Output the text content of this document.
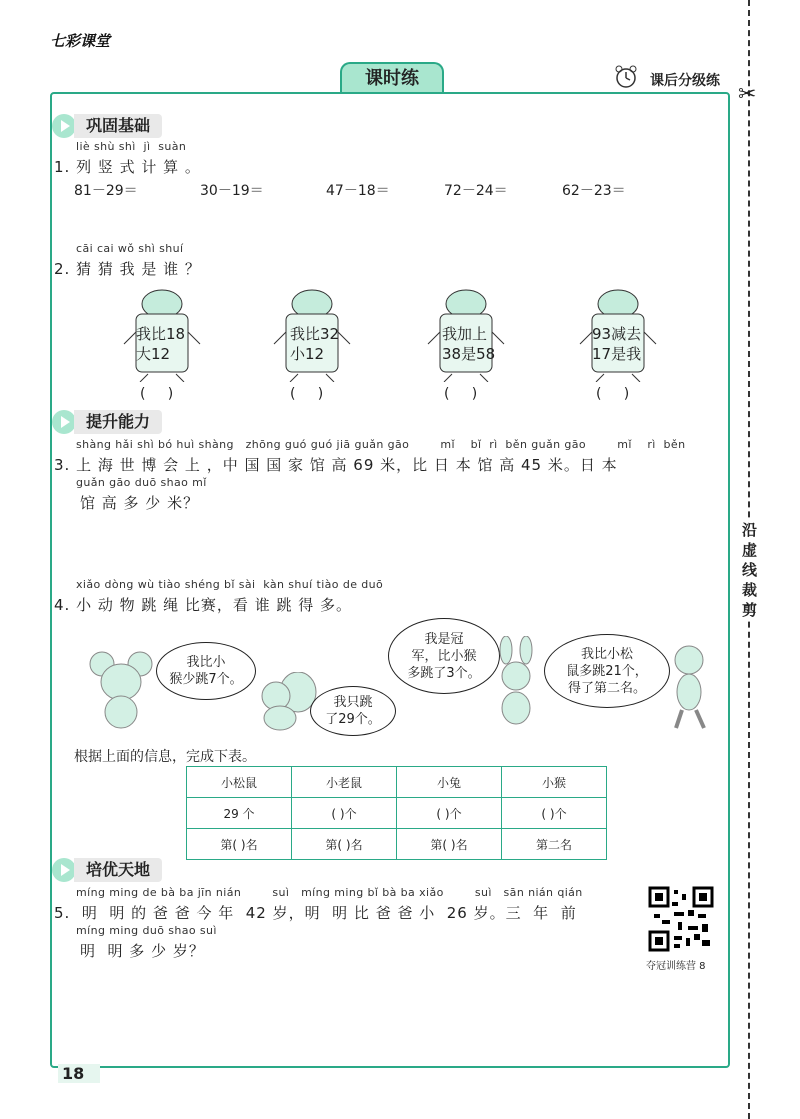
七彩课堂
课时练	课后分级练
✂
沿虚线裁剪
巩固基础
liè shù shì  jì  suàn
1. 列 竖 式 计 算 。
81－29＝	30－19＝	47－18＝	72－24＝	62－23＝
cāi cai wǒ shì shuí
2. 猜 猜 我 是 谁 ？
我比18
大12
(     )
我比32
小12
(     )
我加上
38是58
(     )
93减去
17是我
(     )
提升能力
shàng hǎi shì bó huì shàng   zhōng guó guó jiā guǎn gāo        mǐ    bǐ  rì  běn guǎn gāo        mǐ    rì  běn
3. 上 海 世 博 会 上 ，中 国 国 家 馆 高 69 米，比 日 本 馆 高 45 米。日 本
guǎn gāo duō shao mǐ
馆 高 多 少 米？
xiǎo dòng wù tiào shéng bǐ sài  kàn shuí tiào de duō
4. 小 动 物 跳 绳 比赛，看 谁 跳 得 多。
我比小
猴少跳7个。
我只跳
了29个。
我是冠
军，比小猴
多跳了3个。
我比小松
鼠多跳21个，
得了第二名。
根据上面的信息，完成下表。
小松鼠	小老鼠	小兔	小猴
29 个	( )个	( )个	( )个
第( )名	第( )名	第( )名	第二名
培优天地
míng ming de bà ba jīn nián        suì   míng ming bǐ bà ba xiǎo        suì   sān nián qián
5.  明  明 的 爸 爸 今 年  42 岁，明  明 比 爸 爸 小  26 岁。三  年  前
míng ming duō shao suì
明  明 多 少 岁？
夺冠训练营 8
18
